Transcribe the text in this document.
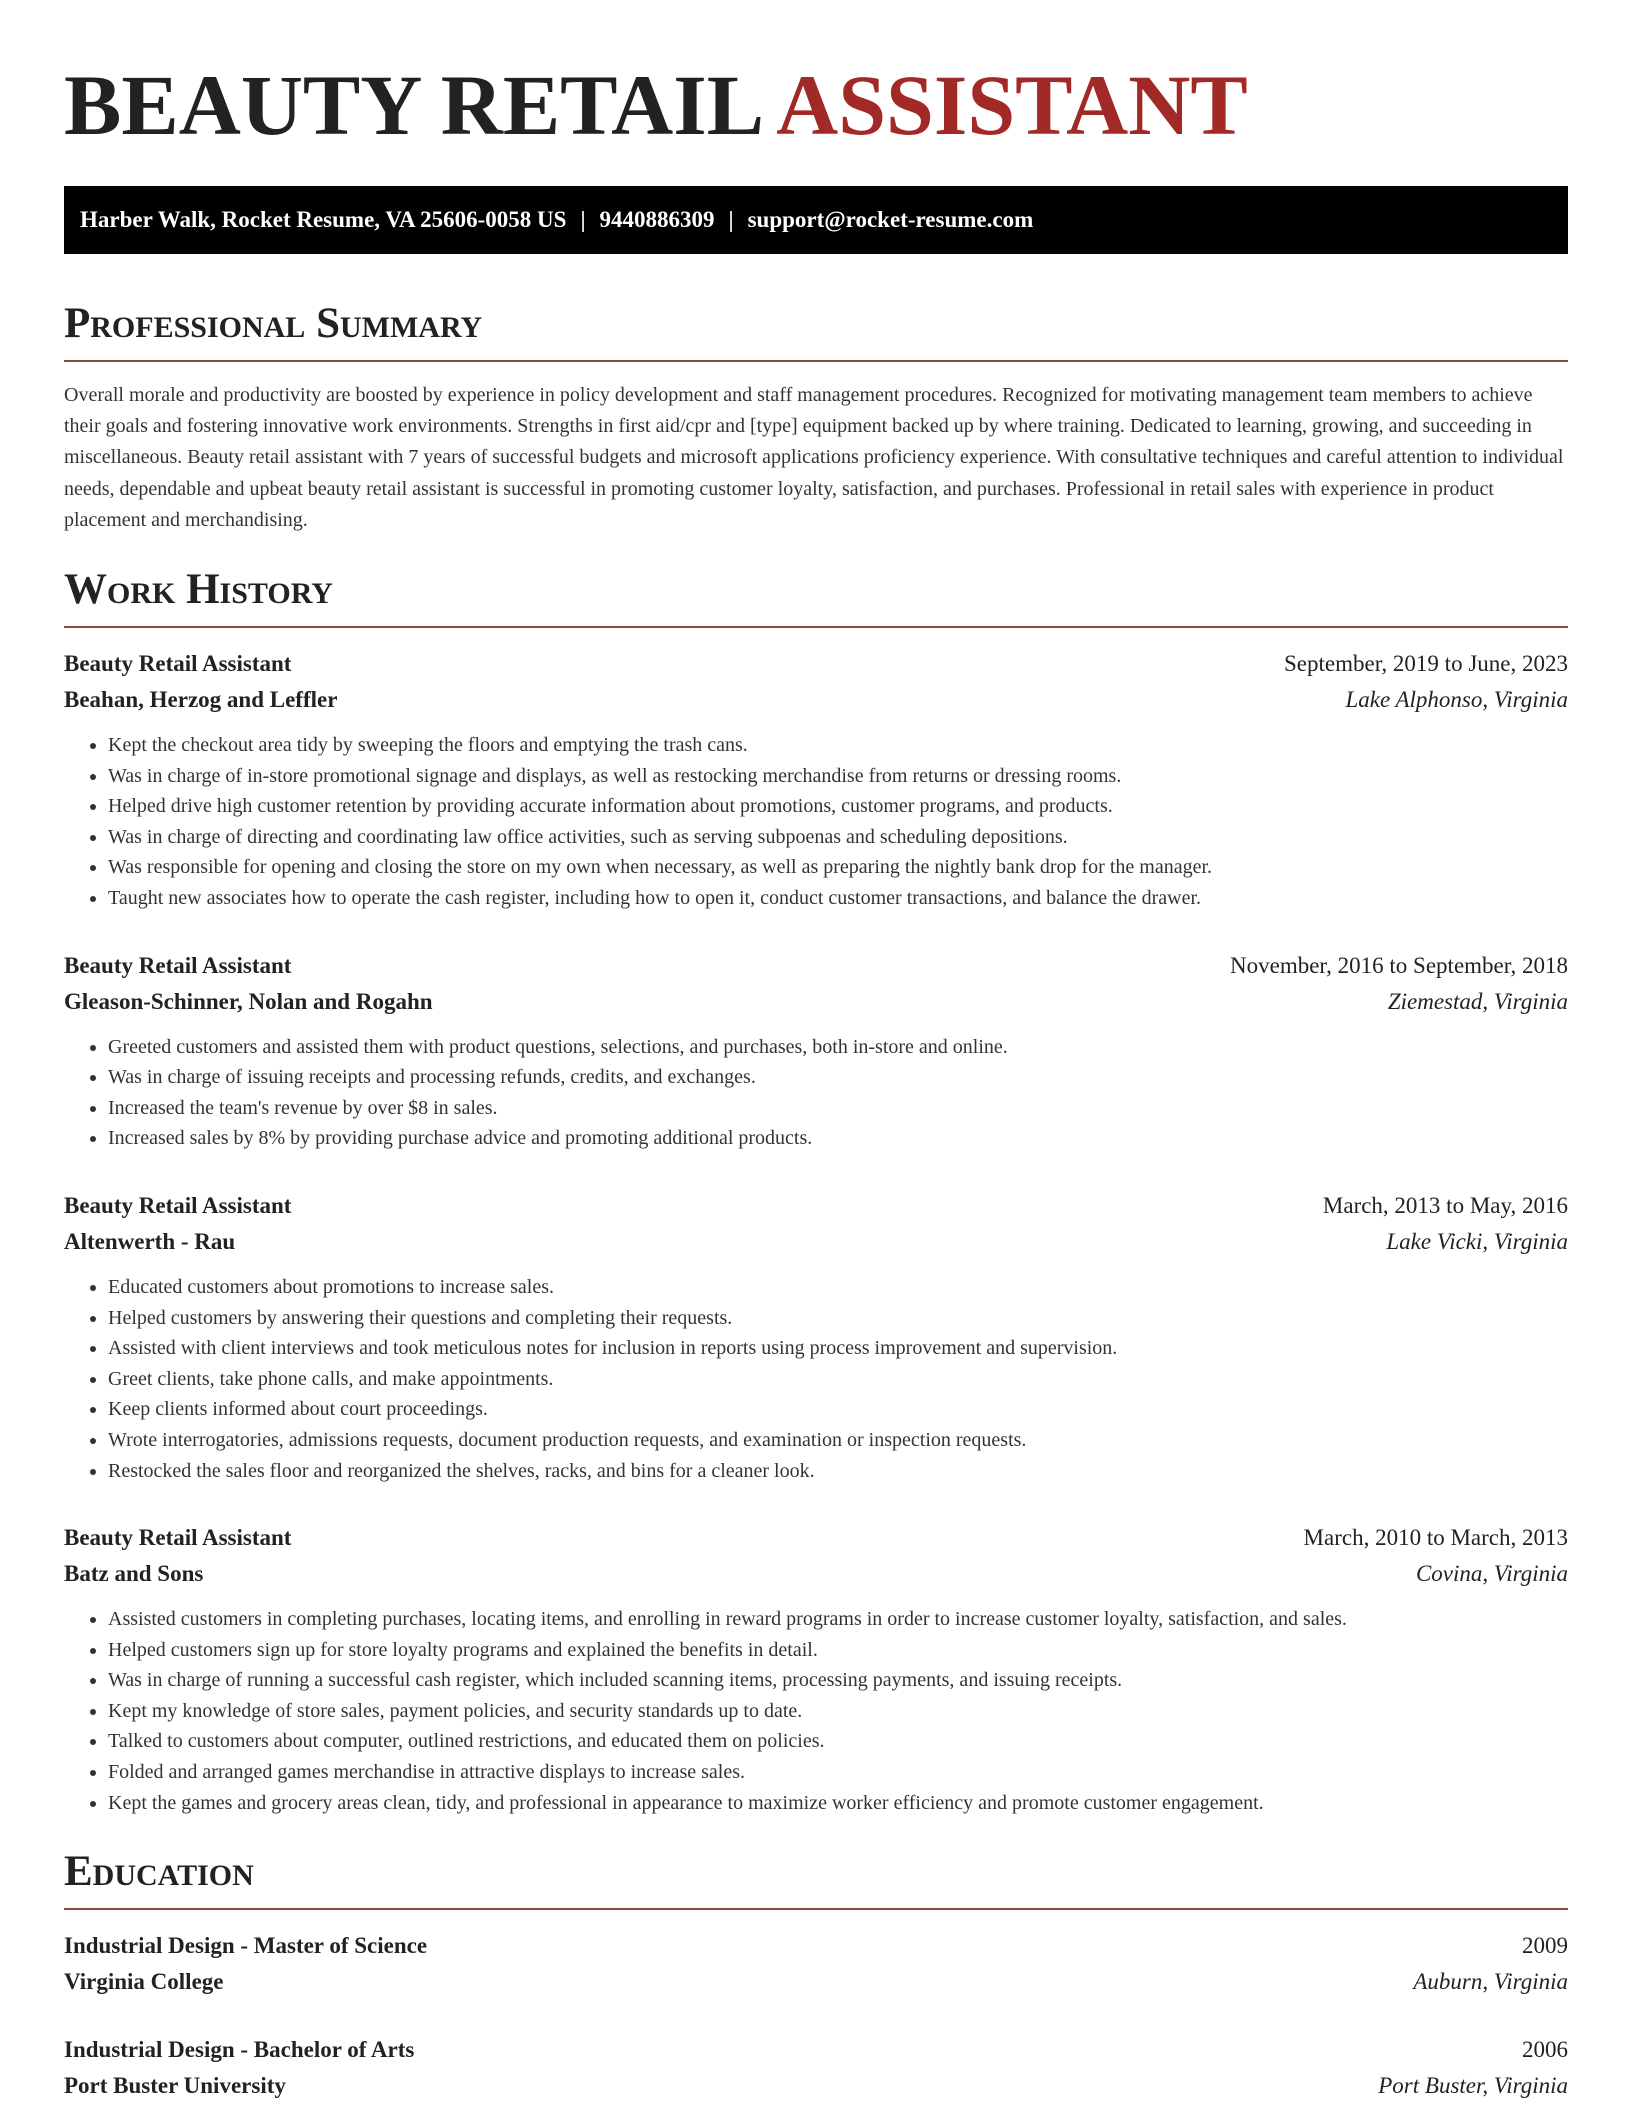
BEAUTY RETAIL ASSISTANT
Harber Walk, Rocket Resume, VA 25606-0058 US | 9440886309 | support@rocket-resume.com
Professional Summary

Overall morale and productivity are boosted by experience in policy development and staff management procedures. Recognized for motivating management team members to achieve their goals and fostering innovative work environments. Strengths in first aid/cpr and [type] equipment backed up by where training. Dedicated to learning, growing, and succeeding in miscellaneous. Beauty retail assistant with 7 years of successful budgets and microsoft applications proficiency experience. With consultative techniques and careful attention to individual needs, dependable and upbeat beauty retail assistant is successful in promoting customer loyalty, satisfaction, and purchases. Professional in retail sales with experience in product placement and merchandising.

Work History
Beauty Retail Assistant	September, 2019 to June, 2023
Beahan, Herzog and Leffler	Lake Alphonso, Virginia
• Kept the checkout area tidy by sweeping the floors and emptying the trash cans.
• Was in charge of in-store promotional signage and displays, as well as restocking merchandise from returns or dressing rooms.
• Helped drive high customer retention by providing accurate information about promotions, customer programs, and products.
• Was in charge of directing and coordinating law office activities, such as serving subpoenas and scheduling depositions.
• Was responsible for opening and closing the store on my own when necessary, as well as preparing the nightly bank drop for the manager.
• Taught new associates how to operate the cash register, including how to open it, conduct customer transactions, and balance the drawer.
Beauty Retail Assistant	November, 2016 to September, 2018
Gleason-Schinner, Nolan and Rogahn	Ziemestad, Virginia
• Greeted customers and assisted them with product questions, selections, and purchases, both in-store and online.
• Was in charge of issuing receipts and processing refunds, credits, and exchanges.
• Increased the team's revenue by over $8 in sales.
• Increased sales by 8% by providing purchase advice and promoting additional products.
Beauty Retail Assistant	March, 2013 to May, 2016
Altenwerth - Rau	Lake Vicki, Virginia
• Educated customers about promotions to increase sales.
• Helped customers by answering their questions and completing their requests.
• Assisted with client interviews and took meticulous notes for inclusion in reports using process improvement and supervision.
• Greet clients, take phone calls, and make appointments.
• Keep clients informed about court proceedings.
• Wrote interrogatories, admissions requests, document production requests, and examination or inspection requests.
• Restocked the sales floor and reorganized the shelves, racks, and bins for a cleaner look.
Beauty Retail Assistant	March, 2010 to March, 2013
Batz and Sons	Covina, Virginia
• Assisted customers in completing purchases, locating items, and enrolling in reward programs in order to increase customer loyalty, satisfaction, and sales.
• Helped customers sign up for store loyalty programs and explained the benefits in detail.
• Was in charge of running a successful cash register, which included scanning items, processing payments, and issuing receipts.
• Kept my knowledge of store sales, payment policies, and security standards up to date.
• Talked to customers about computer, outlined restrictions, and educated them on policies.
• Folded and arranged games merchandise in attractive displays to increase sales.
• Kept the games and grocery areas clean, tidy, and professional in appearance to maximize worker efficiency and promote customer engagement.
Education
Industrial Design - Master of Science	2009
Virginia College	Auburn, Virginia
Industrial Design - Bachelor of Arts	2006
Port Buster University	Port Buster, Virginia
